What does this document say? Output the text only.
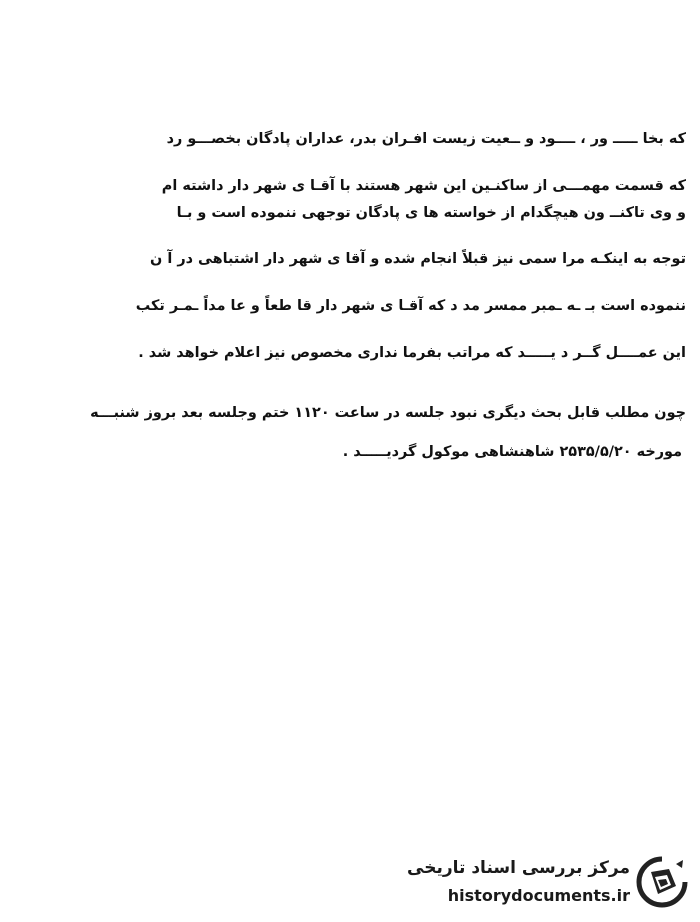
که بخا ـــــ ور ، ــــود و ــعیت زیست افـران بدر، عداران پادگان بخصـــو رد
که قسمت مهمـــی از ساکنـین این شهر هستند با آقـا ی شهر دار داشته ام
و وی تاکنــ ون هیچگدام از خواسته ها ی پادگان توجهی ننموده است و بـا
توجه به اینکـه مرا سمی نیز قبلاً انجام شده و آقا ی شهر دار اشتباهی در آ ن
ننموده است بـ ـه ـمبر ممسر مد د که آقـا ی شهر دار قا طعاً و عا مداً ـمـر تکب
این عمــــل گــر د یـــــد که مراتب بفرما نداری مخصوص نیز اعلام خواهد شد .
چون مطلب قابل بحث دیگری نبود جلسه در ساعت ۱۱۲۰ ختم وجلسه بعد بروز شنبـــه
مورخه ۲۵۳۵/۵/۲۰ شاهنشاهی موکول گردیـــــد .
مرکز بررسی اسناد تاریخی
historydocuments.ir
